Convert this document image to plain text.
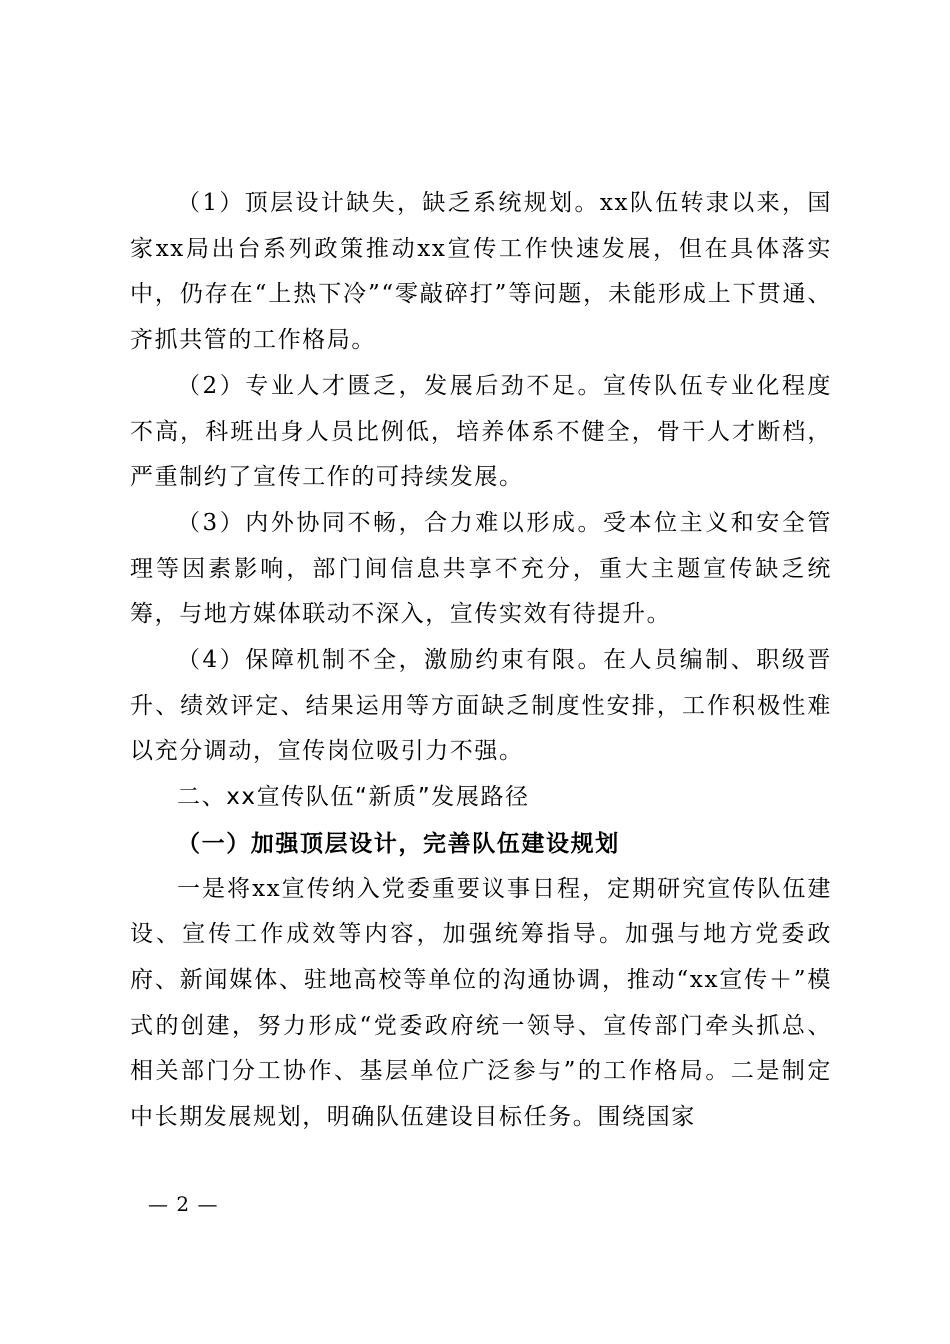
（1）顶层设计缺失，缺乏系统规划。xx队伍转隶以来，国家xx局出台系列政策推动xx宣传工作快速发展，但在具体落实中，仍存在“上热下冷”“零敲碎打”等问题，未能形成上下贯通、齐抓共管的工作格局。

（2）专业人才匮乏，发展后劲不足。宣传队伍专业化程度不高，科班出身人员比例低，培养体系不健全，骨干人才断档，严重制约了宣传工作的可持续发展。

（3）内外协同不畅，合力难以形成。受本位主义和安全管理等因素影响，部门间信息共享不充分，重大主题宣传缺乏统筹，与地方媒体联动不深入，宣传实效有待提升。

（4）保障机制不全，激励约束有限。在人员编制、职级晋升、绩效评定、结果运用等方面缺乏制度性安排，工作积极性难以充分调动，宣传岗位吸引力不强。

二、xx宣传队伍“新质”发展路径

（一）加强顶层设计，完善队伍建设规划

一是将xx宣传纳入党委重要议事日程，定期研究宣传队伍建设、宣传工作成效等内容，加强统筹指导。加强与地方党委政府、新闻媒体、驻地高校等单位的沟通协调，推动“xx宣传＋”模式的创建，努力形成“党委政府统一领导、宣传部门牵头抓总、相关部门分工协作、基层单位广泛参与”的工作格局。二是制定中长期发展规划，明确队伍建设目标任务。围绕国家

— 2 —
